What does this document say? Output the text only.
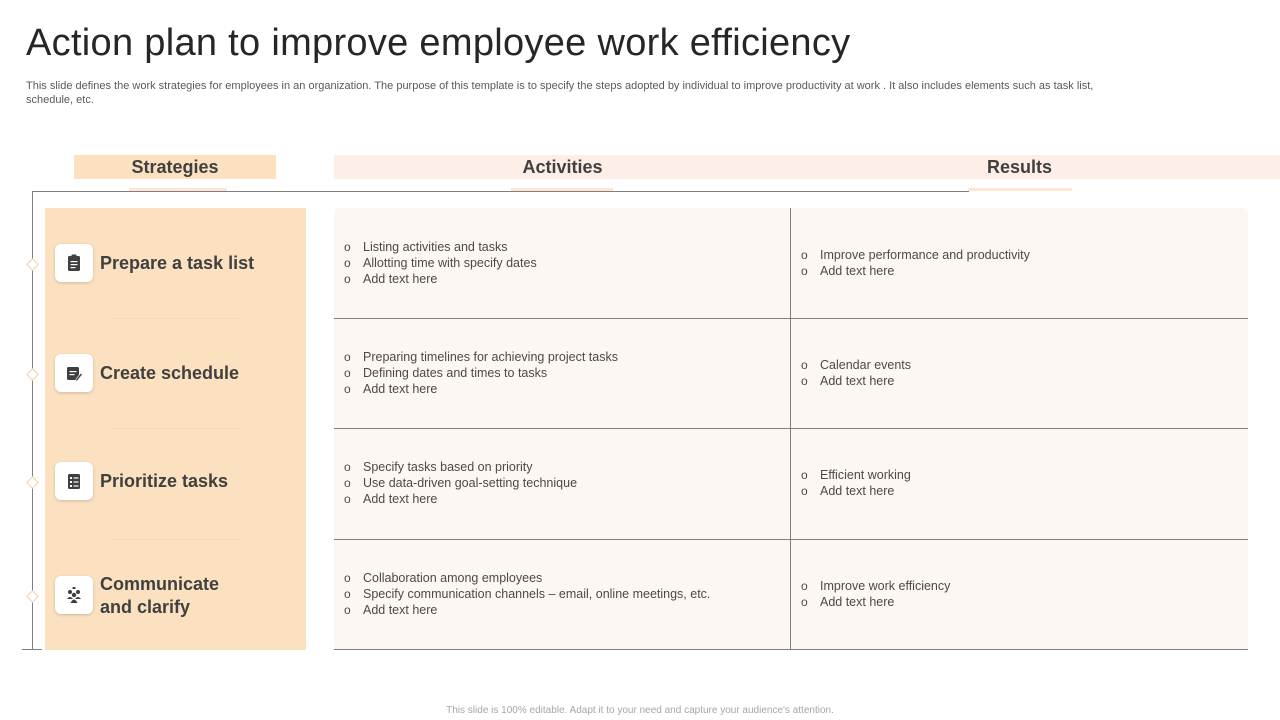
Action plan to improve employee work efficiency

This slide defines the work strategies for employees in an organization. The purpose of this template is to specify the steps adopted by individual to improve productivity at work . It also includes elements such as task list, schedule, etc.

Strategies	Activities	Results
Prepare a task list
Create schedule
Prioritize tasks
Communicate and clarify
o Listing activities and tasks
o Allotting time with specify dates
o Add text here
o Preparing timelines for achieving project tasks
o Defining dates and times to tasks
o Add text here
o Specify tasks based on priority
o Use data-driven goal-setting technique
o Add text here
o Collaboration among employees
o Specify communication channels – email, online meetings, etc.
o Add text here
o Improve performance and productivity
o Add text here
o Calendar events
o Add text here
o Efficient working
o Add text here
o Improve work efficiency
o Add text here
This slide is 100% editable. Adapt it to your need and capture your audience's attention.
